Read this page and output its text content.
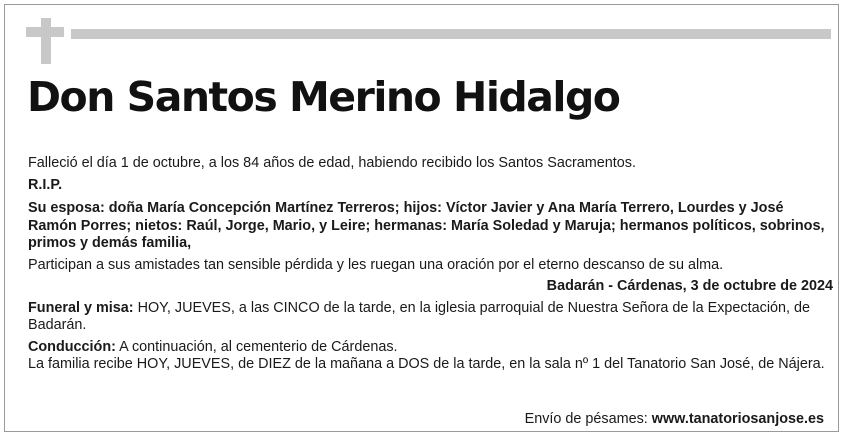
Don Santos Merino Hidalgo

Falleció el día 1 de octubre, a los 84 años de edad, habiendo recibido los Santos Sacramentos.

R.I.P.

Su esposa: doña María Concepción Martínez Terreros; hijos: Víctor Javier y Ana María Terrero, Lourdes y José Ramón Porres; nietos: Raúl, Jorge, Mario, y Leire; hermanas: María Soledad y Maruja; hermanos políticos, sobrinos, primos y demás familia,

Participan a sus amistades tan sensible pérdida y les ruegan una oración por el eterno descanso de su alma.

Badarán - Cárdenas, 3 de octubre de 2024

Funeral y misa: HOY, JUEVES, a las CINCO de la tarde, en la iglesia parroquial de Nuestra Señora de la Expectación, de Badarán.

Conducción: A continuación, al cementerio de Cárdenas.

La familia recibe HOY, JUEVES, de DIEZ de la mañana a DOS de la tarde, en la sala nº 1 del Tanatorio San José, de Nájera.

Envío de pésames: www.tanatoriosanjose.es
